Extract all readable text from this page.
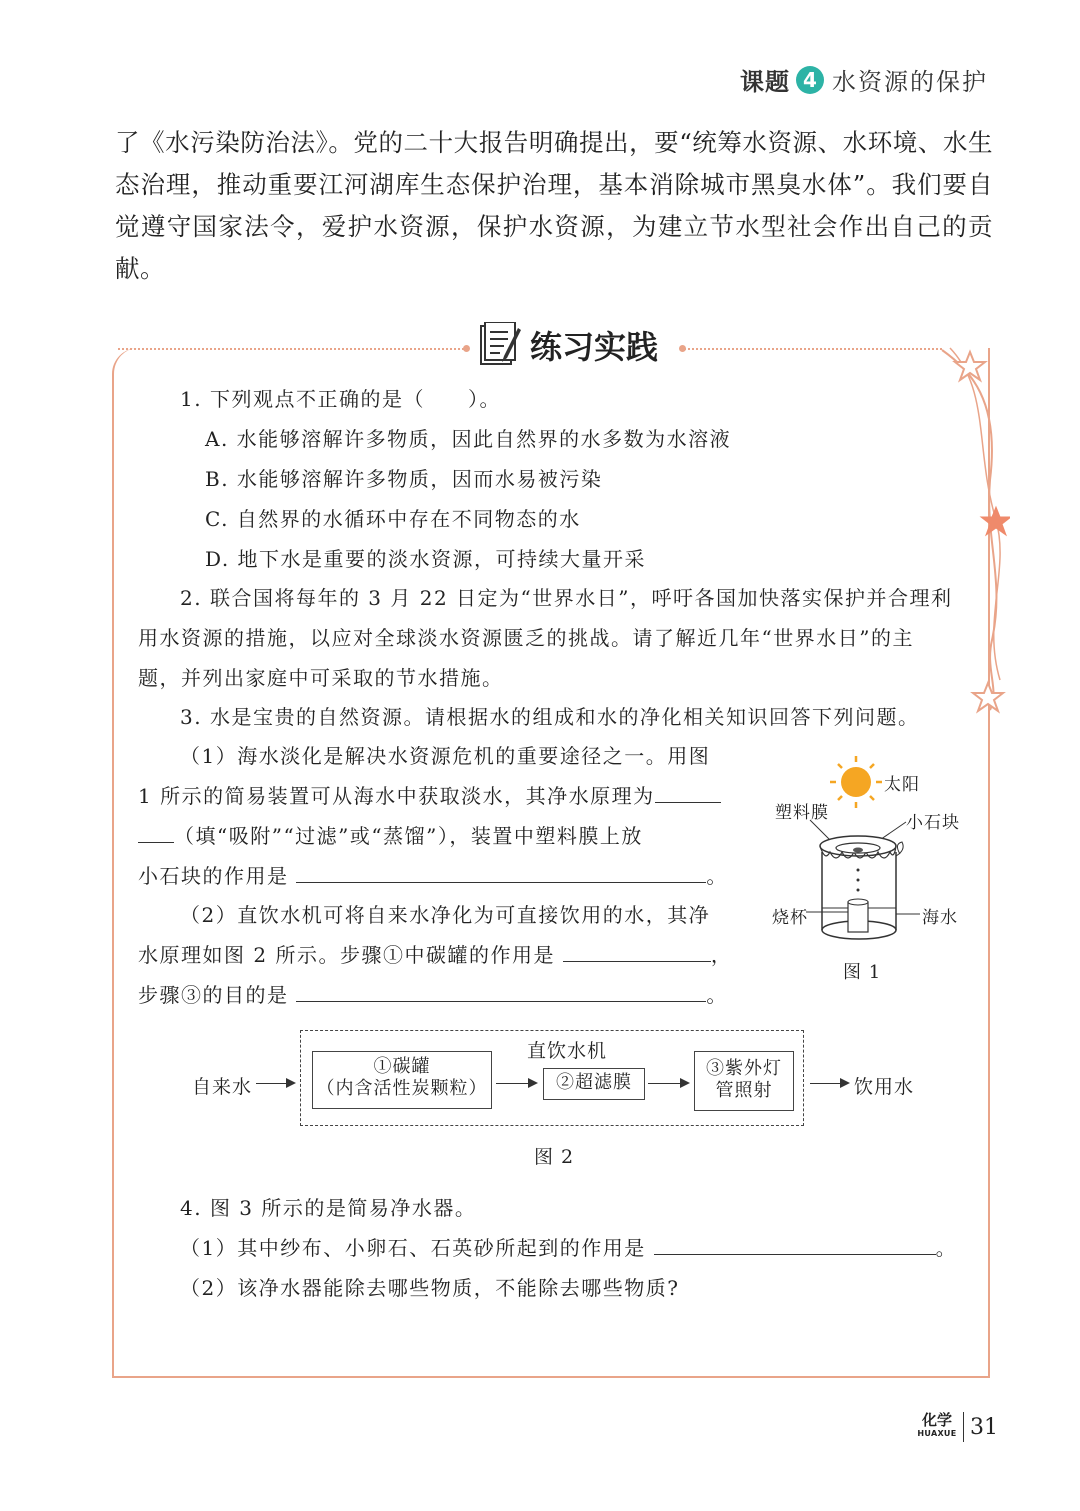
课题 4 水资源的保护
了《水污染防治法》。党的二十大报告明确提出，要“统筹水资源、水环境、水生态治理，推动重要江河湖库生态保护治理，基本消除城市黑臭水体”。我们要自觉遵守国家法令，爱护水资源，保护水资源，为建立节水型社会作出自己的贡献。
练习实践
1. 下列观点不正确的是（　　）。
A. 水能够溶解许多物质，因此自然界的水多数为水溶液
B. 水能够溶解许多物质，因而水易被污染
C. 自然界的水循环中存在不同物态的水
D. 地下水是重要的淡水资源，可持续大量开采
2. 联合国将每年的 3 月 22 日定为“世界水日”，呼吁各国加快落实保护并合理利
用水资源的措施，以应对全球淡水资源匮乏的挑战。请了解近几年“世界水日”的主
题，并列出家庭中可采取的节水措施。
3. 水是宝贵的自然资源。请根据水的组成和水的净化相关知识回答下列问题。
（1）海水淡化是解决水资源危机的重要途径之一。用图
1 所示的简易装置可从海水中获取淡水，其净水原理为
（填“吸附”“过滤”或“蒸馏”），装置中塑料膜上放
小石块的作用是	。
（2）直饮水机可将自来水净化为可直接饮用的水，其净
水原理如图 2 所示。步骤①中碳罐的作用是	，
步骤③的目的是	。
太阳
塑料膜	小石块
烧杯	海水
图 1
直饮水机
自来水
①碳罐
（内含活性炭颗粒）	②超滤膜
③紫外灯
管照射	饮用水
图 2
4. 图 3 所示的是简易净水器。
（1）其中纱布、小卵石、石英砂所起到的作用是	。
（2）该净水器能除去哪些物质，不能除去哪些物质?
化学
HUAXUE 31
